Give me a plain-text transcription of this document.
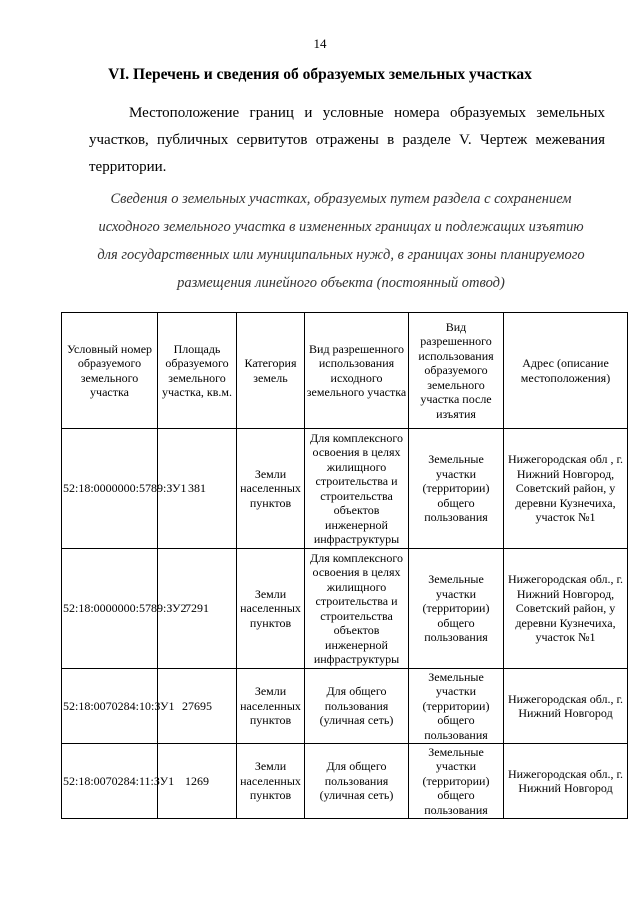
14
VI. Перечень и сведения об образуемых земельных участках

Местоположение границ и условные номера образуемых земельных участков, публичных сервитутов отражены в разделе V. Чертеж межевания территории.

Сведения о земельных участках, образуемых путем раздела с сохранением исходного земельного участка в измененных границах и подлежащих изъятию для государственных или муниципальных нужд, в границах зоны планируемого размещения линейного объекта (постоянный отвод)

Условный номер образуемого земельного участка	Площадь образуемого земельного участка, кв.м.	Категория земель	Вид разрешенного использования исходного земельного участка	Вид разрешенного использования образуемого земельного участка после изъятия	Адрес (описание местоположения)
52:18:0000000:5789:ЗУ1	381	Земли населенных пунктов	Для комплексного освоения в целях жилищного строительства и строительства объектов инженерной инфраструктуры	Земельные участки (территории) общего пользования	Нижегородская обл , г. Нижний Новгород, Советский район, у деревни Кузнечиха, участок №1
52:18:0000000:5789:ЗУ2	7291	Земли населенных пунктов	Для комплексного освоения в целях жилищного строительства и строительства объектов инженерной инфраструктуры	Земельные участки (территории) общего пользования	Нижегородская обл., г. Нижний Новгород, Советский район, у деревни Кузнечиха, участок №1
52:18:0070284:10:ЗУ1	27695	Земли населенных пунктов	Для общего пользования (уличная сеть)	Земельные участки (территории) общего пользования	Нижегородская обл., г. Нижний Новгород
52:18:0070284:11:ЗУ1	1269	Земли населенных пунктов	Для общего пользования (уличная сеть)	Земельные участки (территории) общего пользования	Нижегородская обл., г. Нижний Новгород
